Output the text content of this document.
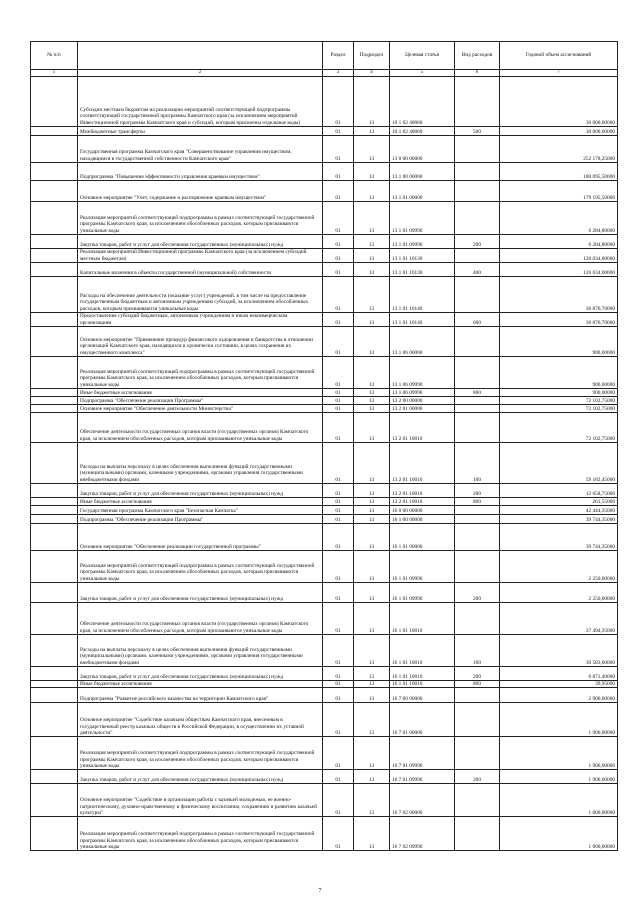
№ п/п		Раздел	Подраздел	Целевая статья	Вид расходов	Годовой объем ассигнований
1	2	3	4	5	6	7
	Субсидии местным бюджетам на реализацию мероприятий соответствующей подпрограммы соответствующей государственной программы Камчатского края (за исключением мероприятий Инвестиционной программы Камчатского края и субсидий, которым присвоены отдельные коды)	01	13	10 1 02 40060		30 000,00000
	Межбюджетные трансферты	01	13	10 1 02 40060	500	30 000,00000
	Государственная программа Камчатского края "Совершенствование управления имуществом, находящимся в государственной собственности Камчатского края"	01	13	13 0 00 00000		252 178,25000
	Подпрограмма "Повышение эффективности управления краевым имуществом"	01	13	13 1 00 00000		180 095,50000
	Основное мероприятие "Учет, содержание и распоряжение краевым имуществом"	01	13	13 1 01 00000		179 195,50000
	Реализация мероприятий соответствующей подпрограммы в рамках соответствующей государственной программы Камчатского края, за исключением обособленных расходов, которым присваиваются уникальные коды	01	13	13 1 01 09990		6 284,80000
	Закупка товаров, работ и услуг для обеспечения государственных (муниципальных) нужд	01	13	13 1 01 09990	200	6 284,80000
	Реализация мероприятий Инвестиционной программы Камчатского края (за исключением субсидий местным бюджетам)	01	13	13 1 01 10130		126 034,00000
	Капитальные вложения в объекты государственной (муниципальной) собственности	01	13	13 1 01 10130	400	126 034,00000
	Расходы на обеспечение деятельности (оказание услуг) учреждений, в том числе на предоставление государственным бюджетным и автономным учреждениям субсидий, за исключением обособленных расходов, которым присваиваются уникальные коды	01	13	13 1 01 10140		36 876,70000
	Предоставление субсидий бюджетным, автономным учреждениям и иным некоммерческим организациям	01	13	13 1 01 10140	600	36 876,70000
	Основное мероприятие "Применение процедур финансового оздоровления и банкротства в отношении организаций Камчатского края, находящихся в хронически состоянии, в целях сохранения их имущественного комплекса"	01	13	13 1 06 00000		900,00000
	Реализация мероприятий соответствующей подпрограммы в рамках соответствующей государственной программы Камчатского края, за исключением обособленных расходов, которым присваиваются уникальные коды	01	13	13 1 06 09990		900,00000
	Иные бюджетные ассигнования	01	13	13 1 06 09990	800	900,00000
	Подпрограмма "Обеспечение реализации Программы"	01	13	13 2 00 00000		72 102,75000
	Основное мероприятие "Обеспечение деятельности Министерства"	01	13	13 2 01 00000		72 102,75000
	Обеспечение деятельности государственных органов власти (государственных органов) Камчатского края, за исключением обособленных расходов, которым присваиваются уникальные коды	01	13	13 2 01 10010		72 102,75000
	Расходы на выплаты персоналу в целях обеспечения выполнения функций государственными (муниципальными) органами, казенными учреждениями, органами управления государственными внебюджетными фондами	01	13	13 2 01 10010	100	59 182,45000
	Закупка товаров, работ и услуг для обеспечения государственных (муниципальных) нужд	01	13	13 2 01 10010	200	12 658,75000
	Иные бюджетные ассигнования	01	13	13 2 01 10010	800	261,55000
	Государственная программа Камчатского края "Безопасная Камчатка"	01	13	16 0 00 00000		42 444,35000
	Подпрограмма "Обеспечение реализации Программы"	01	13	16 1 00 00000		39 744,35000
	Основное мероприятие "Обеспечение реализации государственной программы"	01	13	16 1 01 00000		39 744,35000
	Реализация мероприятий соответствующей подпрограммы в рамках соответствующей государственной программы Камчатского края, за исключением обособленных расходов, которым присваиваются уникальные коды	01	13	16 1 01 09990		2 250,00000
	Закупка товаров, работ и услуг для обеспечения государственных (муниципальных) нужд	01	13	16 1 01 09990	200	2 250,00000
	Обеспечение деятельности государственных органов власти (государственных органов) Камчатского края, за исключением обособленных расходов, которым присваиваются уникальные коды	01	13	16 1 01 10010		37 494,35000
	Расходы на выплаты персоналу в целях обеспечения выполнения функций государственными (муниципальными) органами, казенными учреждениями, органами управления государственными внебюджетными фондами	01	13	16 1 01 10010	100	30 583,00000
	Закупка товаров, работ и услуг для обеспечения государственных (муниципальных) нужд	01	13	16 1 01 10010	200	6 871,40000
	Иные бюджетные ассигнования	01	13	16 1 01 10010	800	39,95000
	Подпрограмма "Развитие российского казачества на территории Камчатского края"	01	13	16 7 00 00000		2 900,00000
	Основное мероприятие "Содействие казачьим обществам Камчатского края, внесенным в государственный реестр казачьих обществ в Российской Федерации, в осуществлении их уставной деятельности"	01	13	16 7 01 00000		1 900,00000
	Реализация мероприятий соответствующей подпрограммы в рамках соответствующей государственной программы Камчатского края, за исключением обособленных расходов, которым присваиваются уникальные коды	01	13	16 7 01 09990		1 900,00000
	Закупка товаров, работ и услуг для обеспечения государственных (муниципальных) нужд	01	13	16 7 01 09990	200	1 900,00000
	Основное мероприятие "Содействие в организации работы с казачьей молодежью, ее военно-патриотическому, духовно-нравственному и физическому воспитанию, сохранению и развитию казачьей культуры"	01	13	16 7 02 00000		1 000,00000
	Реализация мероприятий соответствующей подпрограммы в рамках соответствующей государственной программы Камчатского края, за исключением обособленных расходов, которым присваиваются уникальные коды	01	13	16 7 02 09990		1 000,00000
7
